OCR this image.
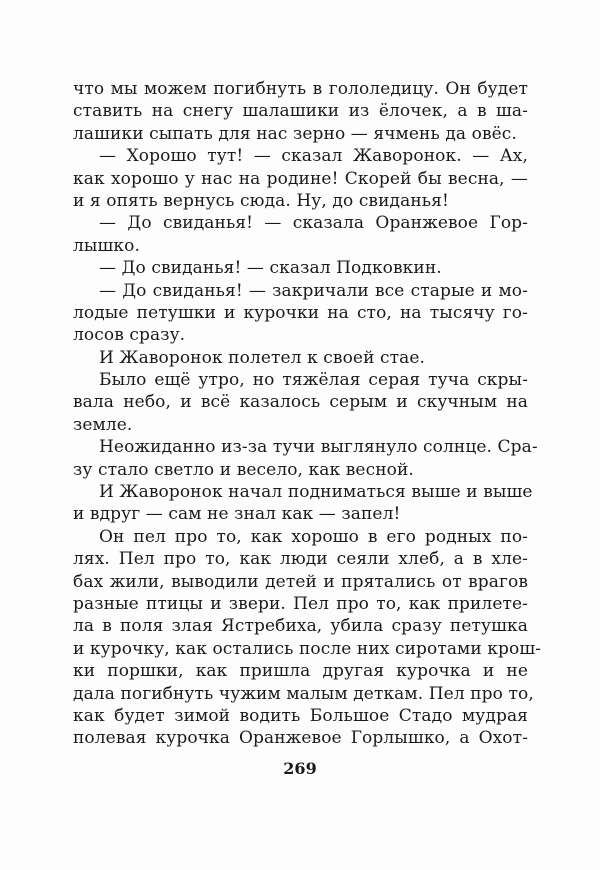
что мы можем погибнуть в гололедицу. Он будет
ставить на снегу шалашики из ёлочек, а в ша-
лашики сыпать для нас зерно — ячмень да овёс.
— Хорошо тут! — сказал Жаворонок. — Ах,
как хорошо у нас на родине! Скорей бы весна, —
и я опять вернусь сюда. Ну, до свиданья!
— До свиданья! — сказала Оранжевое Гор-
лышко.
— До свиданья! — сказал Подковкин.
— До свиданья! — закричали все старые и мо-
лодые петушки и курочки на сто, на тысячу го-
лосов сразу.
И Жаворонок полетел к своей стае.
Было ещё утро, но тяжёлая серая туча скры-
вала небо, и всё казалось серым и скучным на
земле.
Неожиданно из-за тучи выглянуло солнце. Сра-
зу стало светло и весело, как весной.
И Жаворонок начал подниматься выше и выше
и вдруг — сам не знал как — запел!
Он пел про то, как хорошо в его родных по-
лях. Пел про то, как люди сеяли хлеб, а в хле-
бах жили, выводили детей и прятались от врагов
разные птицы и звери. Пел про то, как прилете-
ла в поля злая Ястребиха, убила сразу петушка
и курочку, как остались после них сиротами крош-
ки поршки, как пришла другая курочка и не
дала погибнуть чужим малым деткам. Пел про то,
как будет зимой водить Большое Стадо мудрая
полевая курочка Оранжевое Горлышко, а Охот-
269
